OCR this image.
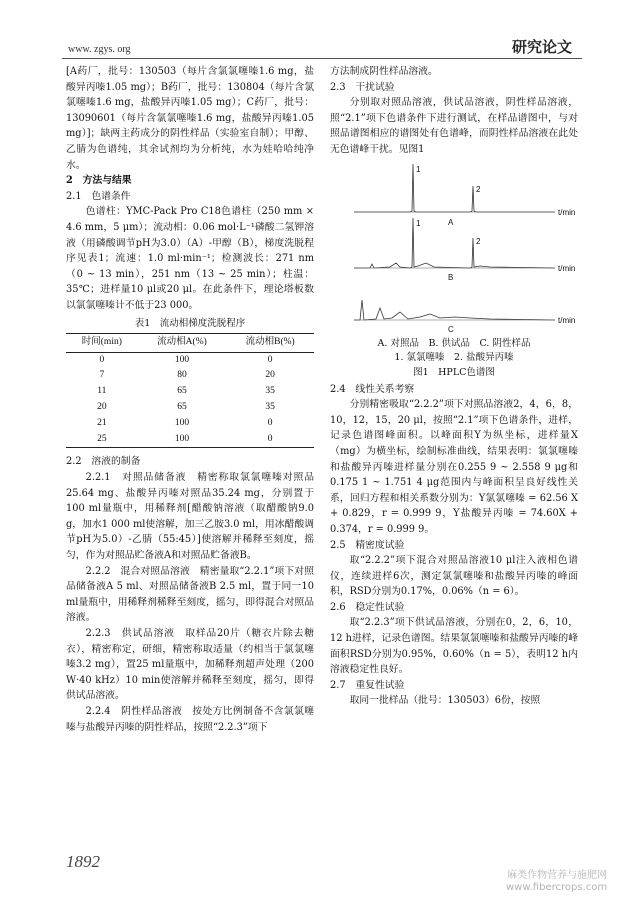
www. zgys. org	研究论文

[A药厂，批号：130503（每片含氯氯噻嗪1.6 mg，盐酸异丙嗪1.05 mg）；B药厂，批号：130804（每片含氯氯噻嗪1.6 mg，盐酸异丙嗪1.05 mg）；C药厂，批号：13090601（每片含氯氯噻嗪1.6 mg，盐酸异丙嗪1.05 mg）]；缺两主药成分的阴性样品（实验室自制）；甲醇、乙腈为色谱纯，其余试剂均为分析纯，水为娃哈哈纯净水。

2　方法与结果

2.1　色谱条件

色谱柱：YMC-Pack Pro C18色谱柱（250 mm × 4.6 mm，5 μm）；流动相：0.06 mol·L⁻¹磷酸二氢钾溶液（用磷酸调节pH为3.0）（A）-甲醇（B），梯度洗脱程序见表1；流速：1.0 ml·min⁻¹；检测波长：271 nm（0 ~ 13 min），251 nm（13 ~ 25 min）；柱温：35℃；进样量10 μl或20 μl。在此条件下，理论塔板数以氯氯噻嗪计不低于23 000。

表1　流动相梯度洗脱程序
时间(min)	流动相A(%)	流动相B(%)
0	100	0
7	80	20
11	65	35
20	65	35
21	100	0
25	100	0

2.2　溶液的制备

2.2.1　对照品储备液　精密称取氯氯噻嗪对照品25.64 mg、盐酸异丙嗪对照品35.24 mg，分别置于100 ml量瓶中，用稀释剂[醋酸钠溶液（取醋酸钠9.0 g，加水1 000 ml使溶解，加三乙胺3.0 ml，用冰醋酸调节pH为5.0）-乙腈（55:45）]使溶解并稀释至刻度，摇匀，作为对照品贮备液A和对照品贮备液B。

2.2.2　混合对照品溶液　精密量取“2.2.1”项下对照品储备液A 5 ml、对照品储备液B 2.5 ml，置于同一10 ml量瓶中，用稀释剂稀释至刻度，摇匀，即得混合对照品溶液。

2.2.3　供试品溶液　取样品20片（糖衣片除去糖衣），精密称定，研细，精密称取适量（约相当于氯氯噻嗪3.2 mg），置25 ml量瓶中，加稀释剂超声处理（200 W·40 kHz）10 min使溶解并稀释至刻度，摇匀，即得供试品溶液。

2.2.4　阴性样品溶液　按处方比例制备不含氯氯噻嗪与盐酸异丙嗪的阴性样品，按照“2.2.3”项下

方法制成阴性样品溶液。

2.3　干扰试验

分别取对照品溶液，供试品溶液，阴性样品溶液，照“2.1”项下色谱条件下进行测试，在样品谱图中，与对照品谱图相应的谱图处有色谱峰，而阴性样品溶液在此处无色谱峰干扰。见图1

1
2
t/min
A
1
2
t/min
B
t/min
C
A. 对照品　B. 供试品　C. 阴性样品
1. 氯氯噻嗪　2. 盐酸异丙嗪
图1　HPLC色谱图

2.4　线性关系考察

分别精密吸取“2.2.2”项下对照品溶液2，4，6，8，10，12，15，20 μl，按照“2.1”项下色谱条件，进样，记录色谱图峰面积。以峰面积Y为纵坐标，进样量X（mg）为横坐标，绘制标准曲线，结果表明：氯氯噻嗪和盐酸异丙嗪进样量分别在0.255 9 ~ 2.558 9 μg和0.175 1 ~ 1.751 4 μg范围内与峰面积呈良好线性关系，回归方程和相关系数分别为：Y氯氯噻嗪 = 62.56 X + 0.829，r = 0.999 9，Y盐酸异丙嗪 = 74.60X + 0.374，r = 0.999 9。

2.5　精密度试验

取“2.2.2”项下混合对照品溶液10 μl注入液相色谱仪，连续进样6次，测定氯氯噻嗪和盐酸异丙嗪的峰面积，RSD分别为0.17%，0.06%（n = 6）。

2.6　稳定性试验

取“2.2.3”项下供试品溶液，分别在0，2，6，10，12 h进样，记录色谱图。结果氯氯噻嗪和盐酸异丙嗪的峰面积RSD分别为0.95%，0.60%（n = 5），表明12 h内溶液稳定性良好。

2.7　重复性试验

取同一批样品（批号：130503）6份，按照

1892
麻类作物营养与施肥网
www.fibercrops.com
